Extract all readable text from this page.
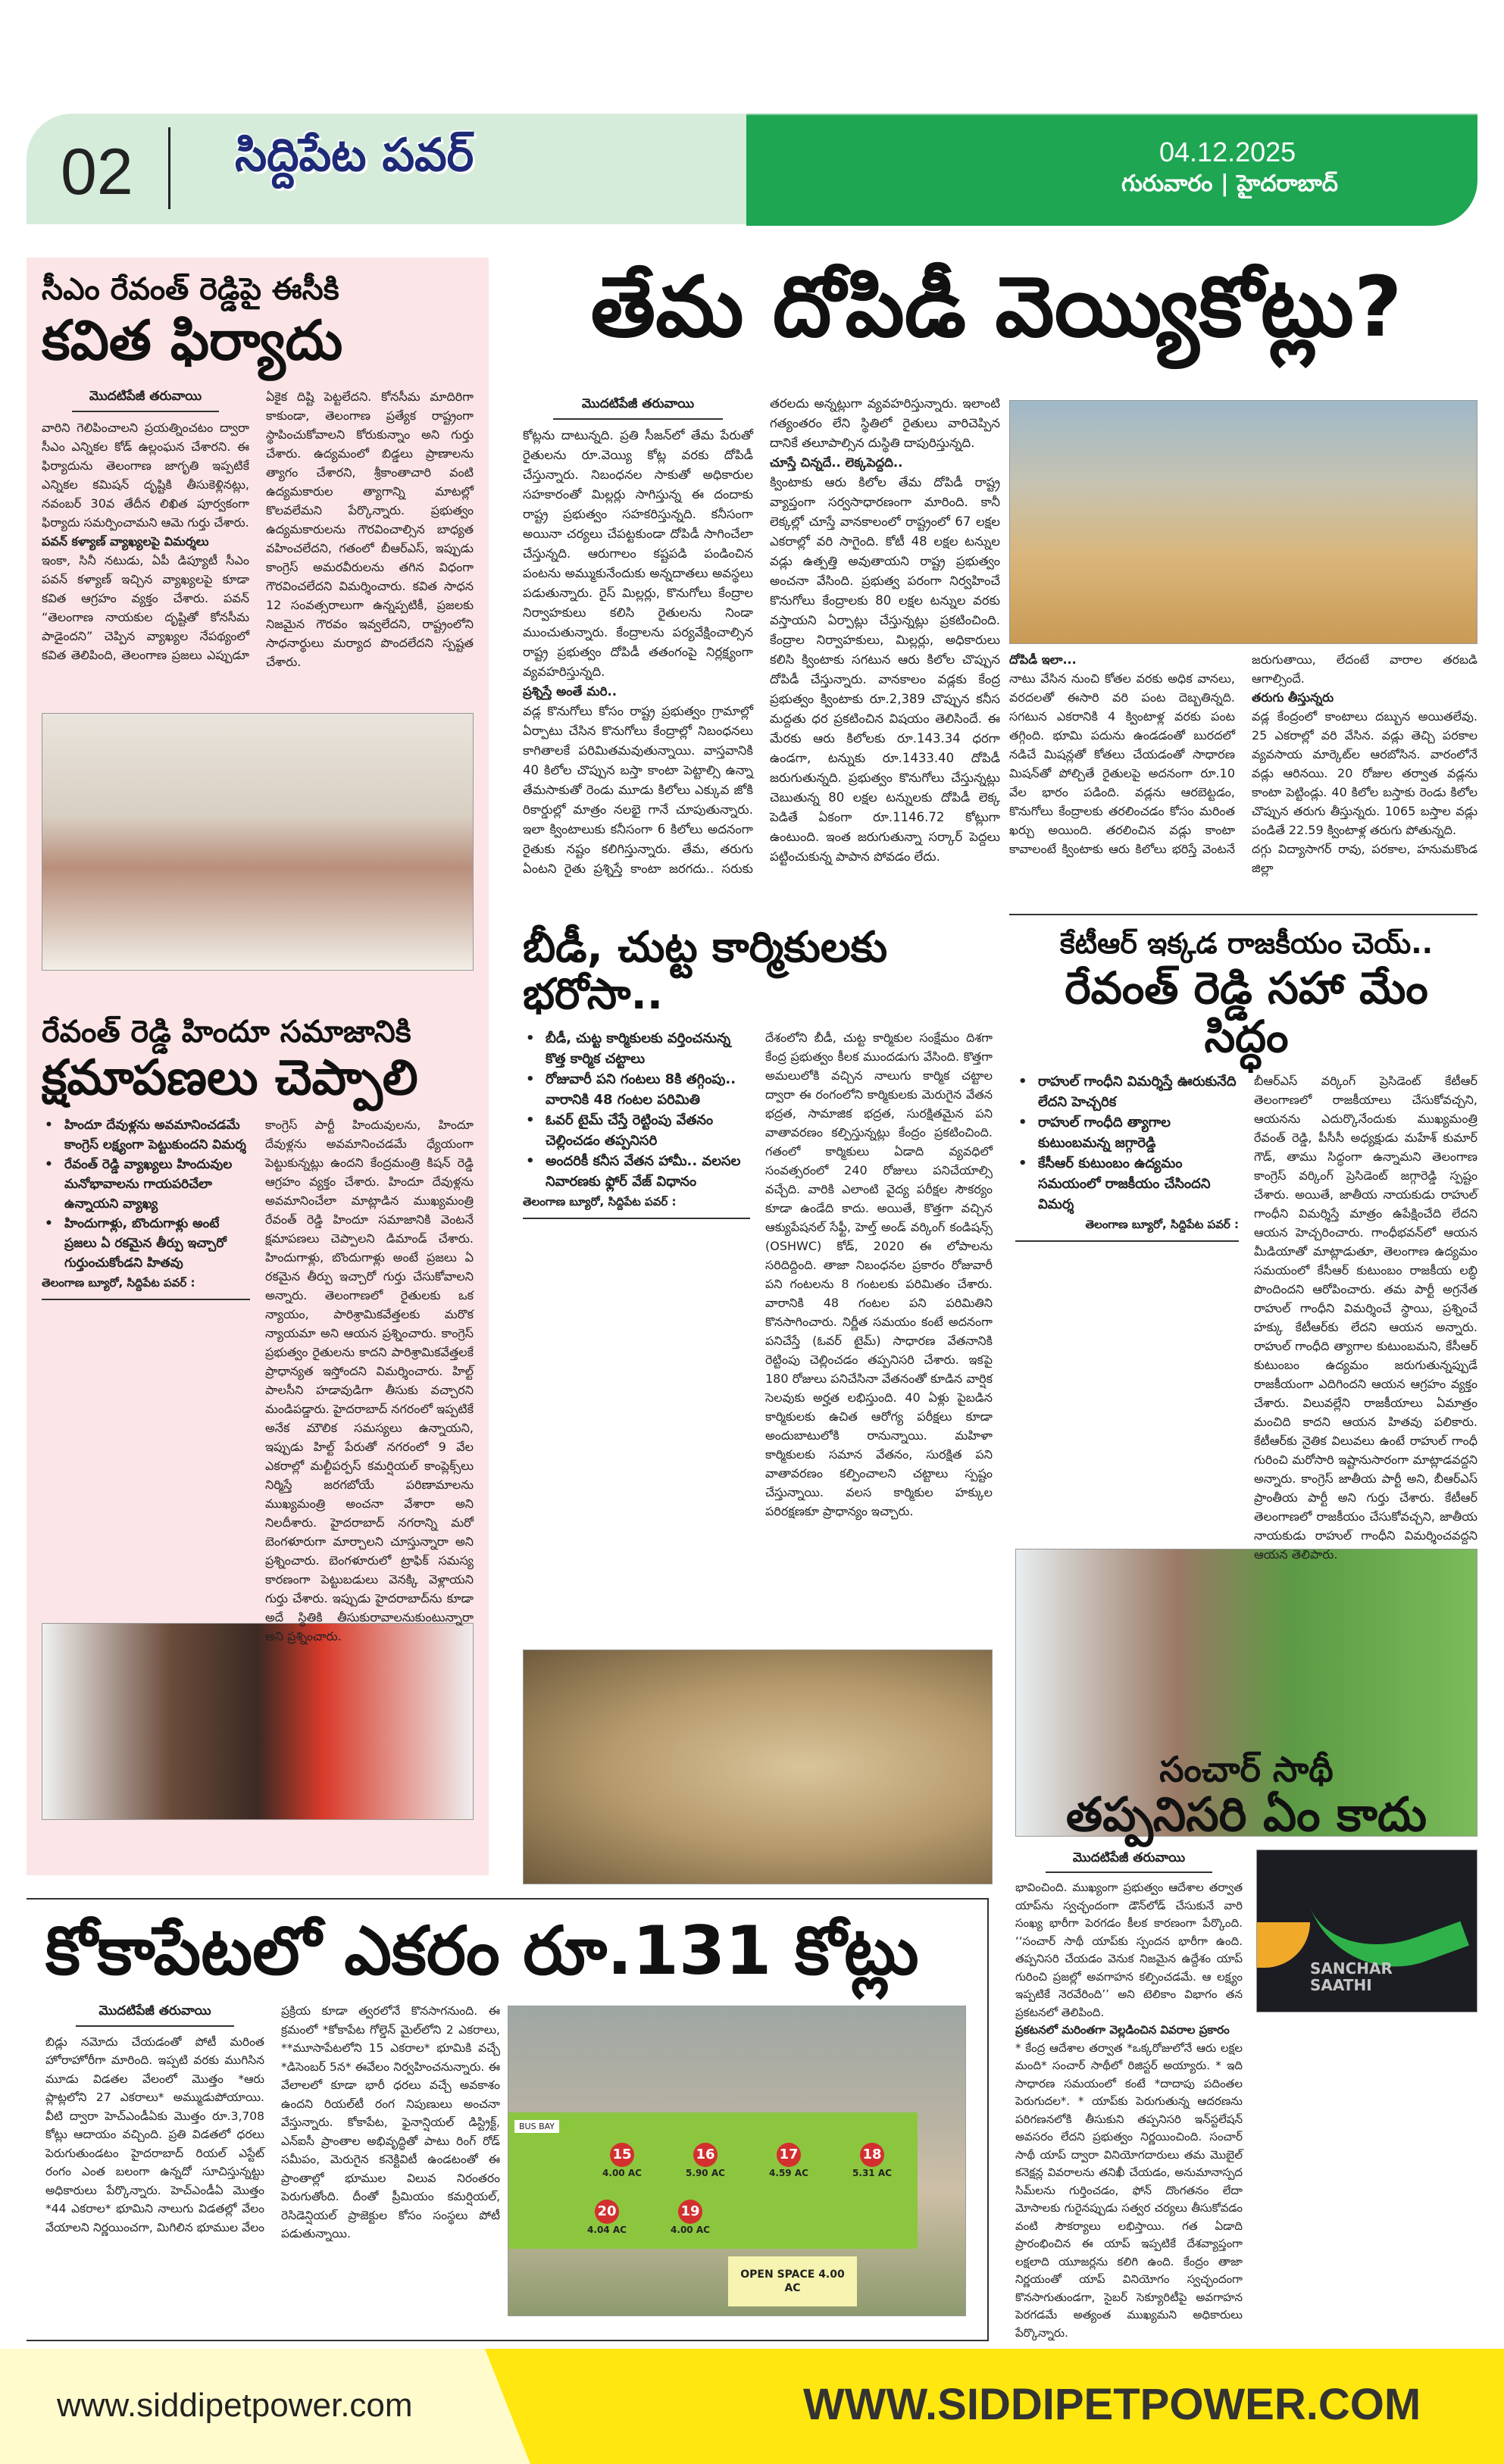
02 సిద్దిపేట పవర్	04.12.2025
గురువారం | హైదరాబాద్
సీఎం రేవంత్ రెడ్డిపై ఈసీకి
కవిత ఫిర్యాదు
మొదటిపేజీ తరువాయి

వారిని గెలిపించాలని ప్రయత్నించటం ద్వారా సీఎం ఎన్నికల కోడ్ ఉల్లంఘన చేశారని. ఈ ఫిర్యాదును తెలంగాణ జాగృతి ఇప్పటికే ఎన్నికల కమిషన్ దృష్టికి తీసుకెళ్లినట్లు, నవంబర్ 30వ తేదీన లిఖిత పూర్వకంగా ఫిర్యాదు సమర్పించామని ఆమె గుర్తు చేశారు.

పవన్ కళ్యాణ్ వ్యాఖ్యలపై విమర్శలు

ఇంకా, సినీ నటుడు, ఏపీ డిప్యూటీ సీఎం పవన్ కళ్యాణ్ ఇచ్చిన వ్యాఖ్యలపై కూడా కవిత ఆగ్రహం వ్యక్తం చేశారు. పవన్ “తెలంగాణ నాయకుల దృష్టితో కోనసీమ పాడైందని” చెప్పిన వ్యాఖ్యల నేపథ్యంలో కవిత తెలిపింది, తెలంగాణ ప్రజలు ఎప్పుడూ ఏకైక దిష్టి పెట్టలేదని. కోనసీమ మాదిరిగా కాకుండా, తెలంగాణ ప్రత్యేక రాష్ట్రంగా స్థాపించుకోవాలని కోరుకున్నాం అని గుర్తు చేశారు. ఉద్యమంలో బిడ్డలు ప్రాణాలను త్యాగం చేశారని, శ్రీకాంతాచారి వంటి ఉద్యమకారుల త్యాగాన్ని మాటల్లో కొలవలేమని పేర్కొన్నారు. ప్రభుత్వం ఉద్యమకారులను గౌరవించాల్సిన బాధ్యత వహించలేదని, గతంలో బీఆర్ఎస్, ఇప్పుడు కాంగ్రెస్ అమరవీరులను తగిన విధంగా గౌరవించలేదని విమర్శించారు. కవిత సాధన 12 సంవత్సరాలుగా ఉన్నప్పటికీ, ప్రజలకు నిజమైన గౌరవం ఇవ్వలేదని, రాష్ట్రంలోని సాధనార్థులు మర్యాద పొందలేదని స్పష్టత చేశారు.

రేవంత్ రెడ్డి హిందూ సమాజానికి
క్షమాపణలు చెప్పాలి
• హిందూ దేవుళ్లను అవమానించడమే కాంగ్రెస్ లక్ష్యంగా పెట్టుకుందని విమర్శ
• రేవంత్ రెడ్డి వ్యాఖ్యలు హిందువుల మనోభావాలను గాయపరిచేలా ఉన్నాయని వ్యాఖ్య
• హిందుగాళ్లు, బొందుగాళ్లు అంటే ప్రజలు ఏ రకమైన తీర్పు ఇచ్చారో గుర్తుంచుకోండని హితవు
తెలంగాణ బ్యూరో, సిద్దిపేట పవర్ :
కాంగ్రెస్ పార్టీ హిందువులను, హిందూ దేవుళ్లను అవమానించడమే ధ్యేయంగా పెట్టుకున్నట్లు ఉందని కేంద్రమంత్రి కిషన్ రెడ్డి ఆగ్రహం వ్యక్తం చేశారు. హిందూ దేవుళ్లను అవమానించేలా మాట్లాడిన ముఖ్యమంత్రి రేవంత్ రెడ్డి హిందూ సమాజానికి వెంటనే క్షమాపణలు చెప్పాలని డిమాండ్ చేశారు. హిందుగాళ్లు, బొందుగాళ్లు అంటే ప్రజలు ఏ రకమైన తీర్పు ఇచ్చారో గుర్తు చేసుకోవాలని అన్నారు. తెలంగాణలో రైతులకు ఒక న్యాయం, పారిశ్రామికవేత్తలకు మరొక న్యాయమా అని ఆయన ప్రశ్నించారు. కాంగ్రెస్ ప్రభుత్వం రైతులను కాదని పారిశ్రామికవేత్తలకే ప్రాధాన్యత ఇస్తోందని విమర్శించారు. హిల్ట్ పాలసీని హడావుడిగా తీసుకు వచ్చారని మండిపడ్డారు. హైదరాబాద్ నగరంలో ఇప్పటికే అనేక మౌలిక సమస్యలు ఉన్నాయని, ఇప్పుడు హిల్ట్ పేరుతో నగరంలో 9 వేల ఎకరాల్లో మల్టీపర్పస్ కమర్షియల్ కాంప్లెక్స్‌లు నిర్మిస్తే జరగబోయే పరిణామాలను ముఖ్యమంత్రి అంచనా వేశారా అని నిలదీశారు. హైదరాబాద్ నగరాన్ని మరో బెంగళూరుగా మార్చాలని చూస్తున్నారా అని ప్రశ్నించారు. బెంగళూరులో ట్రాఫిక్ సమస్య కారణంగా పెట్టుబడులు వెనక్కి వెళ్లాయని గుర్తు చేశారు. ఇప్పుడు హైదరాబాద్‌ను కూడా అదే స్థితికి తీసుకురావాలనుకుంటున్నారా అని ప్రశ్నించారు.
తేమ దోపిడీ వెయ్యికోట్లు?
మొదటిపేజీ తరువాయి

కోట్లను దాటున్నది. ప్రతి సీజన్‌లో తేమ పేరుతో రైతులను రూ.వెయ్యి కోట్ల వరకు దోపిడీ చేస్తున్నారు. నిబంధనల సాకుతో అధికారుల సహకారంతో మిల్లర్లు సాగిస్తున్న ఈ దందాకు రాష్ట్ర ప్రభుత్వం సహకరిస్తున్నది. కనీసంగా అయినా చర్యలు చేపట్టకుండా దోపిడీ సాగించేలా చేస్తున్నది. ఆరుగాలం కష్టపడి పండించిన పంటను అమ్ముకునేందుకు అన్నదాతలు అవస్థలు పడుతున్నారు. రైస్ మిల్లర్లు, కొనుగోలు కేంద్రాల నిర్వాహకులు కలిసి రైతులను నిండా ముంచుతున్నారు. కేంద్రాలను పర్యవేక్షించాల్సిన రాష్ట్ర ప్రభుత్వం దోపిడీ తతంగంపై నిర్లక్ష్యంగా వ్యవహరిస్తున్నది.

ప్రశ్నిస్తే అంతే మరి..

వడ్ల కొనుగోలు కోసం రాష్ట్ర ప్రభుత్వం గ్రామాల్లో ఏర్పాటు చేసిన కొనుగోలు కేంద్రాల్లో నిబంధనలు కాగితాలకే పరిమితమవుతున్నాయి. వాస్తవానికి 40 కిలోల చొప్పున బస్తా కాంటా పెట్టాల్సి ఉన్నా తేమసాకుతో రెండు మూడు కిలోలు ఎక్కువ జోకి రికార్డుల్లో మాత్రం నలభై గానే చూపుతున్నారు. ఇలా క్వింటాలుకు కనీసంగా 6 కిలోలు అదనంగా రైతుకు నష్టం కలిగిస్తున్నారు. తేమ, తరుగు ఏంటని రైతు ప్రశ్నిస్తే కాంటా జరగదు.. సరుకు తరలదు అన్నట్లుగా వ్యవహరిస్తున్నారు. ఇలాంటి గత్యంతరం లేని స్థితిలో రైతులు వారిచెప్పిన దానికే తలూపాల్సిన దుస్థితి దాపురిస్తున్నది.

చూస్తే చిన్నదే.. లెక్కపెద్దది..

క్వింటాకు ఆరు కిలోల తేమ దోపిడీ రాష్ట్ర వ్యాప్తంగా సర్వసాధారణంగా మారింది. కానీ లెక్కల్లో చూస్తే వానకాలంలో రాష్ట్రంలో 67 లక్షల ఎకరాల్లో వరి సాగైంది. కోటీ 48 లక్షల టన్నుల వడ్లు ఉత్పత్తి అవుతాయని రాష్ట్ర ప్రభుత్వం అంచనా వేసింది. ప్రభుత్వ పరంగా నిర్వహించే కొనుగోలు కేంద్రాలకు 80 లక్షల టన్నుల వరకు వస్తాయని ఏర్పాట్లు చేస్తున్నట్లు ప్రకటించింది. కేంద్రాల నిర్వాహకులు, మిల్లర్లు, అధికారులు కలిసి క్వింటాకు సగటున ఆరు కిలోల చొప్పున దోపిడీ చేస్తున్నారు. వానకాలం వడ్లకు కేంద్ర ప్రభుత్వం క్వింటాకు రూ.2,389 చొప్పున కనీస మద్దతు ధర ప్రకటించిన విషయం తెలిసిందే. ఈ మేరకు ఆరు కిలోలకు రూ.143.34 ధరగా ఉండగా, టన్నుకు రూ.1433.40 దోపిడీ జరుగుతున్నది. ప్రభుత్వం కొనుగోలు చేస్తున్నట్లు చెబుతున్న 80 లక్షల టన్నులకు దోపిడీ లెక్క పెడితే ఏకంగా రూ.1146.72 కోట్లుగా ఉంటుంది. ఇంత జరుగుతున్నా సర్కార్ పెద్దలు పట్టించుకున్న పాపాన పోవడం లేదు.

దోపిడీ ఇలా...

నాటు వేసిన నుంచి కోతల వరకు అధిక వానలు, వరదలతో ఈసారి వరి పంట దెబ్బతిన్నది. సగటున ఎకరానికి 4 క్వింటాళ్ల వరకు పంట తగ్గింది. భూమి పదును ఉండడంతో బురదలో నడిచే మిషన్లతో కోతలు చేయడంతో సాధారణ మిషన్‌తో పోల్చితే రైతులపై అదనంగా రూ.10 వేల భారం పడింది. వడ్లను ఆరబెట్టడం, కొనుగోలు కేంద్రాలకు తరలించడం కోసం మరింత ఖర్చు అయింది. తరలించిన వడ్లు కాంటా కావాలంటే క్వింటాకు ఆరు కిలోలు భరిస్తే వెంటనే జరుగుతాయి, లేదంటే వారాల తరబడి ఆగాల్సిందే.

తరుగు తీస్తున్నరు

వడ్ల కేంద్రంలో కాంటాలు దబ్బున అయితలేవు. 25 ఎకరాల్లో వరి వేసిన. వడ్లు తెచ్చి పరకాల వ్యవసాయ మార్కెట్‌ల ఆరబోసిన. వారంలోనే వడ్లు ఆరినయి. 20 రోజుల తర్వాత వడ్లను కాంటా పెట్టిండ్లు. 40 కిలోల బస్తాకు రెండు కిలోల చొప్పున తరుగు తీస్తున్నరు. 1065 బస్తాల వడ్లు పండితే 22.59 క్వింటాళ్ల తరుగు పోతున్నది.

దగ్గు విద్యాసాగర్ రావు, పరకాల, హనుమకొండ జిల్లా

బీడీ, చుట్ట కార్మికులకు భరోసా..
• బీడీ, చుట్ట కార్మికులకు వర్తించనున్న కొత్త కార్మిక చట్టాలు
• రోజువారీ పని గంటలు 8కి తగ్గింపు.. వారానికి 48 గంటల పరిమితి
• ఓవర్ టైమ్ చేస్తే రెట్టింపు వేతనం చెల్లించడం తప్పనిసరి
• అందరికీ కనీస వేతన హామీ.. వలసల నివారణకు ఫ్లోర్ వేజ్ విధానం
తెలంగాణ బ్యూరో, సిద్దిపేట పవర్ :
దేశంలోని బీడీ, చుట్ట కార్మికుల సంక్షేమం దిశగా కేంద్ర ప్రభుత్వం కీలక ముందడుగు వేసింది. కొత్తగా అమలులోకి వచ్చిన నాలుగు కార్మిక చట్టాల ద్వారా ఈ రంగంలోని కార్మికులకు మెరుగైన వేతన భద్రత, సామాజిక భద్రత, సురక్షితమైన పని వాతావరణం కల్పిస్తున్నట్లు కేంద్రం ప్రకటించింది. గతంలో కార్మికులు ఏడాది వ్యవధిలో సంవత్సరంలో 240 రోజులు పనిచేయాల్సి వచ్చేది. వారికి ఎలాంటి వైద్య పరీక్షల సౌకర్యం కూడా ఉండేది కాదు. అయితే, కొత్తగా వచ్చిన ఆక్యుపేషనల్ సేఫ్టీ, హెల్త్ అండ్ వర్కింగ్ కండిషన్స్ (OSHWC) కోడ్, 2020 ఈ లోపాలను సరిదిద్దింది. తాజా నిబంధనల ప్రకారం రోజువారీ పని గంటలను 8 గంటలకు పరిమితం చేశారు. వారానికి 48 గంటల పని పరిమితిని కొనసాగించారు. నిర్ణీత సమయం కంటే అదనంగా పనిచేస్తే (ఓవర్ టైమ్) సాధారణ వేతనానికి రెట్టింపు చెల్లించడం తప్పనిసరి చేశారు. ఇకపై 180 రోజులు పనిచేసినా వేతనంతో కూడిన వార్షిక సెలవుకు అర్హత లభిస్తుంది. 40 ఏళ్లు పైబడిన కార్మికులకు ఉచిత ఆరోగ్య పరీక్షలు కూడా అందుబాటులోకి రానున్నాయి. మహిళా కార్మికులకు సమాన వేతనం, సురక్షిత పని వాతావరణం కల్పించాలని చట్టాలు స్పష్టం చేస్తున్నాయి. వలస కార్మికుల హక్కుల పరిరక్షణకూ ప్రాధాన్యం ఇచ్చారు.
కేటీఆర్ ఇక్కడ రాజకీయం చెయ్..
రేవంత్ రెడ్డి సహా మేం సిద్ధం
• రాహుల్ గాంధీని విమర్శిస్తే ఊరుకునేది లేదని హెచ్చరిక
• రాహుల్ గాంధీది త్యాగాల కుటుంబమన్న జగ్గారెడ్డి
• కేసీఆర్ కుటుంబం ఉద్యమం సమయంలో రాజకీయం చేసిందని విమర్శ
తెలంగాణ బ్యూరో, సిద్దిపేట పవర్ :
బీఆర్ఎస్ వర్కింగ్ ప్రెసిడెంట్ కేటీఆర్ తెలంగాణలో రాజకీయాలు చేసుకోవచ్చని, ఆయనను ఎదుర్కొనేందుకు ముఖ్యమంత్రి రేవంత్ రెడ్డి, పీసీసీ అధ్యక్షుడు మహేశ్ కుమార్ గౌడ్, తాము సిద్ధంగా ఉన్నామని తెలంగాణ కాంగ్రెస్ వర్కింగ్ ప్రెసిడెంట్ జగ్గారెడ్డి స్పష్టం చేశారు. అయితే, జాతీయ నాయకుడు రాహుల్ గాంధీని విమర్శిస్తే మాత్రం ఉపేక్షించేది లేదని ఆయన హెచ్చరించారు. గాంధీభవన్‌లో ఆయన మీడియాతో మాట్లాడుతూ, తెలంగాణ ఉద్యమం సమయంలో కేసీఆర్ కుటుంబం రాజకీయ లబ్ధి పొందిందని ఆరోపించారు. తమ పార్టీ అగ్రనేత రాహుల్ గాంధీని విమర్శించే స్థాయి, ప్రశ్నించే హక్కు కేటీఆర్‌కు లేదని ఆయన అన్నారు. రాహుల్ గాంధీది త్యాగాల కుటుంబమని, కేసీఆర్ కుటుంబం ఉద్యమం జరుగుతున్నప్పుడే రాజకీయంగా ఎదిగిందని ఆయన ఆగ్రహం వ్యక్తం చేశారు. విలువల్లేని రాజకీయాలు ఏమాత్రం మంచిది కాదని ఆయన హితవు పలికారు. కేటీఆర్‌కు నైతిక విలువలు ఉంటే రాహుల్ గాంధీ గురించి మరోసారి ఇష్టానుసారంగా మాట్లాడవద్దని అన్నారు. కాంగ్రెస్ జాతీయ పార్టీ అని, బీఆర్ఎస్ ప్రాంతీయ పార్టీ అని గుర్తు చేశారు. కేటీఆర్ తెలంగాణలో రాజకీయం చేసుకోవచ్చని, జాతీయ నాయకుడు రాహుల్ గాంధీని విమర్శించవద్దని ఆయన తెలిపారు.
సంచార్ సాథీ
తప్పనిసరి ఏం కాదు
మొదటిపేజీ తరువాయి

భావించింది. ముఖ్యంగా ప్రభుత్వం ఆదేశాల తర్వాత యాప్‌ను స్వచ్ఛందంగా డౌన్‌లోడ్ చేసుకునే వారి సంఖ్య భారీగా పెరగడం కీలక కారణంగా పేర్కొంది. ‘‘సంచార్ సాథీ యాప్‌కు స్పందన భారీగా ఉంది. తప్పనిసరి చేయడం వెనుక నిజమైన ఉద్దేశం యాప్ గురించి ప్రజల్లో అవగాహన కల్పించడమే. ఆ లక్ష్యం ఇప్పటికే నెరవేరింది’’ అని టెలికాం విభాగం తన ప్రకటనలో తెలిపింది.

ప్రకటనలో మరింతగా వెల్లడించిన వివరాల ప్రకారం

* కేంద్ర ఆదేశాల తర్వాత *ఒక్కరోజులోనే ఆరు లక్షల మంది* సంచార్ సాథీలో రిజిస్టర్ అయ్యారు. * ఇది సాధారణ సమయంలో కంటే *దాదాపు పదింతల పెరుగుదల*. * యాప్‌కు పెరుగుతున్న ఆదరణను పరిగణనలోకి తీసుకుని తప్పనిసరి ఇన్‌స్టలేషన్ అవసరం లేదని ప్రభుత్వం నిర్ణయించింది. సంచార్ సాథీ యాప్ ద్వారా వినియోగదారులు తమ మొబైల్ కనెక్షన్ల వివరాలను తనిఖీ చేయడం, అనుమానాస్పద సిమ్‌లను గుర్తించడం, ఫోన్ దొంగతనం లేదా మోసాలకు గురైనప్పుడు సత్వర చర్యలు తీసుకోవడం వంటి సౌకర్యాలు లభిస్తాయి. గత ఏడాది ప్రారంభించిన ఈ యాప్ ఇప్పటికే దేశవ్యాప్తంగా లక్షలాది యూజర్లను కలిగి ఉంది. కేంద్రం తాజా నిర్ణయంతో యాప్ వినియోగం స్వచ్ఛందంగా కొనసాగుతుండగా, సైబర్ సెక్యూరిటీపై అవగాహన పెరగడమే అత్యంత ముఖ్యమని అధికారులు పేర్కొన్నారు.

SANCHAR SAATHI
కోకాపేటలో ఎకరం రూ.131 కోట్లు
మొదటిపేజీ తరువాయి

బిడ్లు నమోదు చేయడంతో పోటీ మరింత హోరాహోరీగా మారింది. ఇప్పటి వరకు ముగిసిన మూడు విడతల వేలంలో మొత్తం *ఆరు ప్లాట్లలోని 27 ఎకరాలు* అమ్ముడుపోయాయి. వీటి ద్వారా హెచ్ఎండీఏకు మొత్తం రూ.3,708 కోట్లు ఆదాయం వచ్చింది. ప్రతి విడతలో ధరలు పెరుగుతుండటం హైదరాబాద్ రియల్ ఎస్టేట్ రంగం ఎంత బలంగా ఉన్నదో సూచిస్తున్నట్టు అధికారులు పేర్కొన్నారు. హెచ్ఎండీఏ మొత్తం *44 ఎకరాల* భూమిని నాలుగు విడతల్లో వేలం వేయాలని నిర్ణయించగా, మిగిలిన భూముల వేలం ప్రక్రియ కూడా త్వరలోనే కొనసాగనుంది. ఈ క్రమంలో *కోకాపేట గోల్డెన్ మైల్‌లోని 2 ఎకరాలు, **మూసాపేటలోని 15 ఎకరాల* భూమికి వచ్చే *డిసెంబర్ 5న* ఈవేలం నిర్వహించనున్నారు. ఈ వేలాలలో కూడా భారీ ధరలు వచ్చే అవకాశం ఉందని రియల్‌టీ రంగ నిపుణులు అంచనా వేస్తున్నారు. కోకాపేట, ఫైనాన్షియల్ డిస్ట్రిక్ట్, ఎన్ఐసీ ప్రాంతాల అభివృద్ధితో పాటు రింగ్ రోడ్ సమీపం, మెరుగైన కనెక్టివిటీ ఉండటంతో ఈ ప్రాంతాల్లో భూముల విలువ నిరంతరం పెరుగుతోంది. దీంతో ప్రీమియం కమర్షియల్, రెసిడెన్షియల్ ప్రాజెక్టుల కోసం సంస్థలు పోటీ పడుతున్నాయి.

OPEN SPACE 4.00 AC
BUS BAY
15
4.00 AC
16
5.90 AC
17
4.59 AC
18
5.31 AC
19
4.00 AC
20
4.04 AC
www.siddipetpower.com	WWW.SIDDIPETPOWER.COM
